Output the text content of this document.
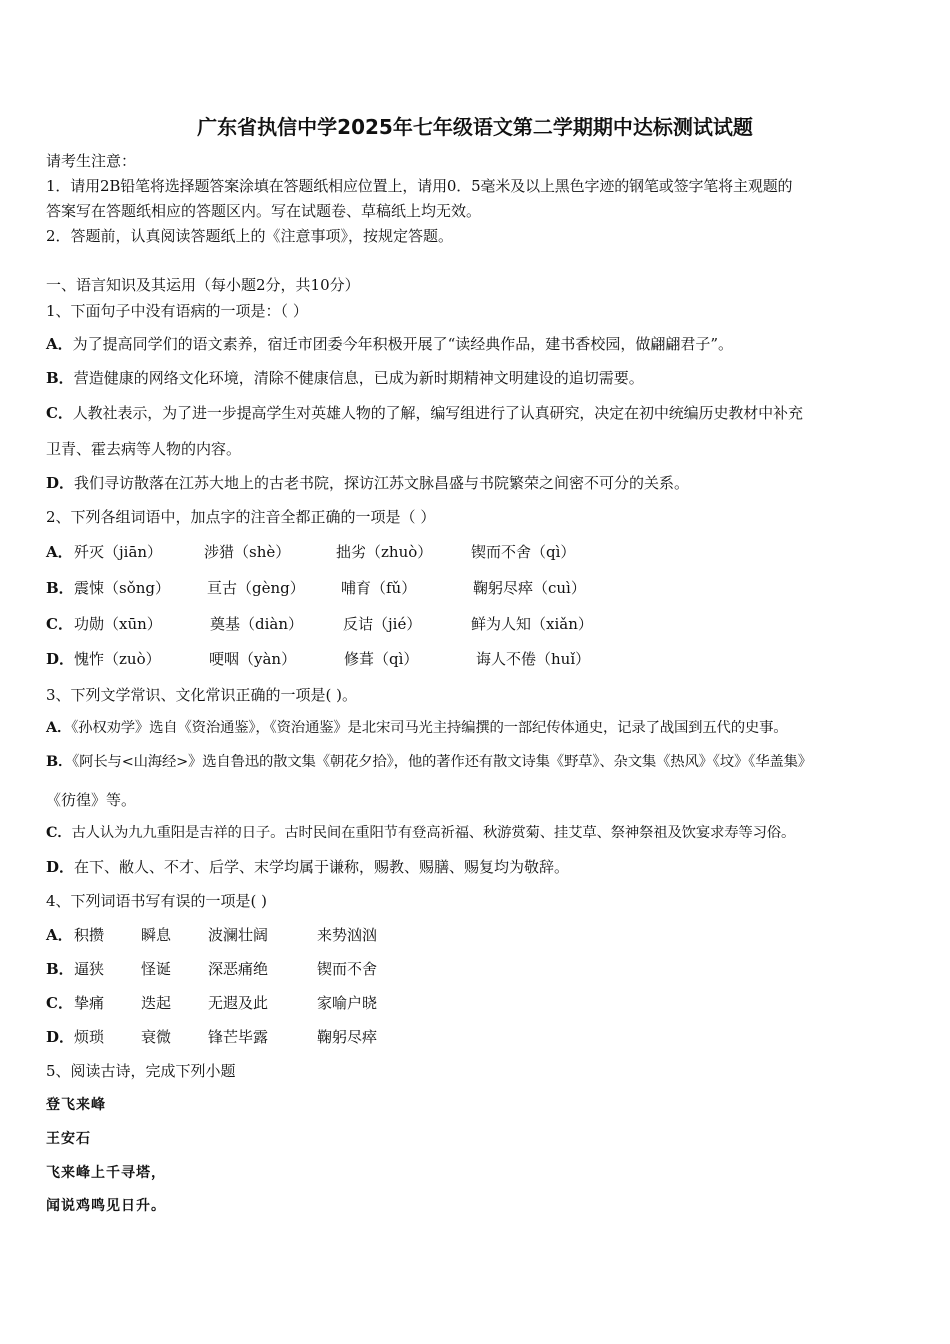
广东省执信中学2025年七年级语文第二学期期中达标测试试题
请考生注意：
1．请用2B铅笔将选择题答案涂填在答题纸相应位置上，请用0．5毫米及以上黑色字迹的钢笔或签字笔将主观题的
答案写在答题纸相应的答题区内。写在试题卷、草稿纸上均无效。
2．答题前，认真阅读答题纸上的《注意事项》，按规定答题。
一、语言知识及其运用（每小题2分，共10分）
1、下面句子中没有语病的一项是：（ ）
A．为了提高同学们的语文素养，宿迁市团委今年积极开展了“读经典作品，建书香校园，做翩翩君子”。
B．营造健康的网络文化环境，清除不健康信息，已成为新时期精神文明建设的追切需要。
C．人教社表示，为了进一步提高学生对英雄人物的了解，编写组进行了认真研究，决定在初中统编历史教材中补充
卫青、霍去病等人物的内容。
D．我们寻访散落在江苏大地上的古老书院，探访江苏文脉昌盛与书院繁荣之间密不可分的关系。
2、下列各组词语中，加点字的注音全都正确的一项是（ ）
A． 歼灭（jiān）	涉猎（shè）	拙劣（zhuò）	锲而不舍（qì）
B． 震悚（sǒng） 亘古（gèng） 哺育（fǔ）	鞠躬尽瘁（cuì）
C． 功勋（xūn）	奠基（diàn）	反诘（jié）	鲜为人知（xiǎn）
D． 愧怍（zuò）	哽咽（yàn）	修葺（qì）	诲人不倦（huǐ）
3、下列文学常识、文化常识正确的一项是( )。
A．《孙权劝学》选自《资治通鉴》，《资治通鉴》是北宋司马光主持编撰的一部纪传体通史，记录了战国到五代的史事。
B．《阿长与<山海经>》选自鲁迅的散文集《朝花夕拾》，他的著作还有散文诗集《野草》、杂文集《热风》《坟》《华盖集》
《彷徨》等。
C．古人认为九九重阳是吉祥的日子。古时民间在重阳节有登高祈福、秋游赏菊、挂艾草、祭神祭祖及饮宴求寿等习俗。
D．在下、敝人、不才、后学、末学均属于谦称，赐教、赐膳、赐复均为敬辞。
4、下列词语书写有误的一项是( )
A． 积攒 瞬息 波澜壮阔	来势汹汹
B． 逼狭 怪诞 深恶痛绝	锲而不舍
C． 挚痛 迭起 无遐及此	家喻户晓
D． 烦琐 衰微 锋芒毕露	鞠躬尽瘁
5、阅读古诗，完成下列小题
登飞来峰
王安石
飞来峰上千寻塔，
闻说鸡鸣见日升。
